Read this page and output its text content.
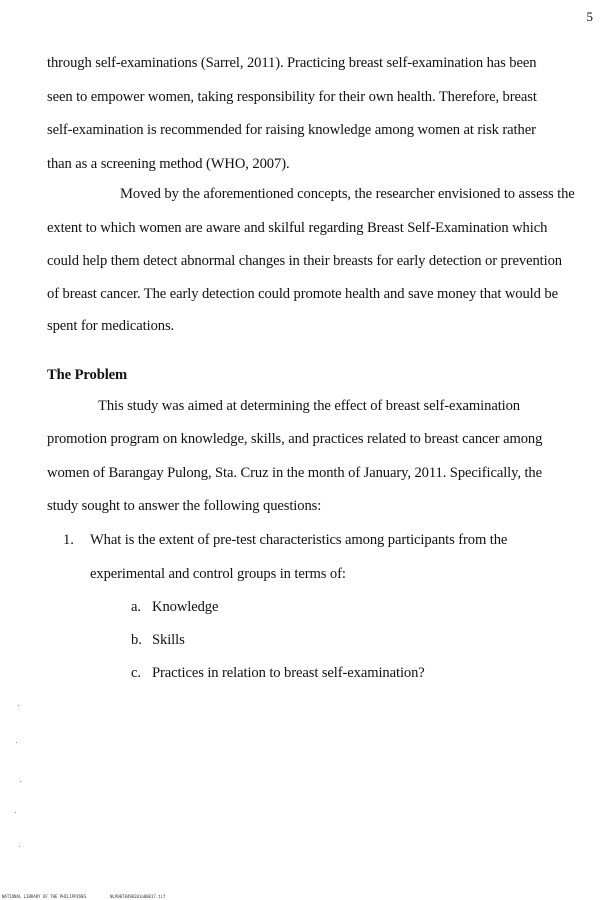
5
through self-examinations (Sarrel, 2011). Practicing breast self-examination has been
seen to empower women, taking responsibility for their own health. Therefore, breast
self-examination is recommended for raising knowledge among women at risk rather
than as a screening method (WHO, 2007).
Moved by the aforementioned concepts, the researcher envisioned to assess the
extent to which women are aware and skilful regarding Breast Self-Examination which
could help them detect abnormal changes in their breasts for early detection or prevention
of breast cancer. The early detection could promote health and save money that would be
spent for medications.
The Problem
This study was aimed at determining the effect of breast self-examination
promotion program on knowledge, skills, and practices related to breast cancer among
women of Barangay Pulong, Sta. Cruz in the month of January, 2011. Specifically, the
study sought to answer the following questions:
1. What is the extent of pre-test characteristics among participants from the
experimental and control groups in terms of:
a. Knowledge
b. Skills
c. Practices in relation to breast self-examination?
NATIONAL LIBRARY OF THE PHILIPPINES	NLP0078490201a00017.tif
